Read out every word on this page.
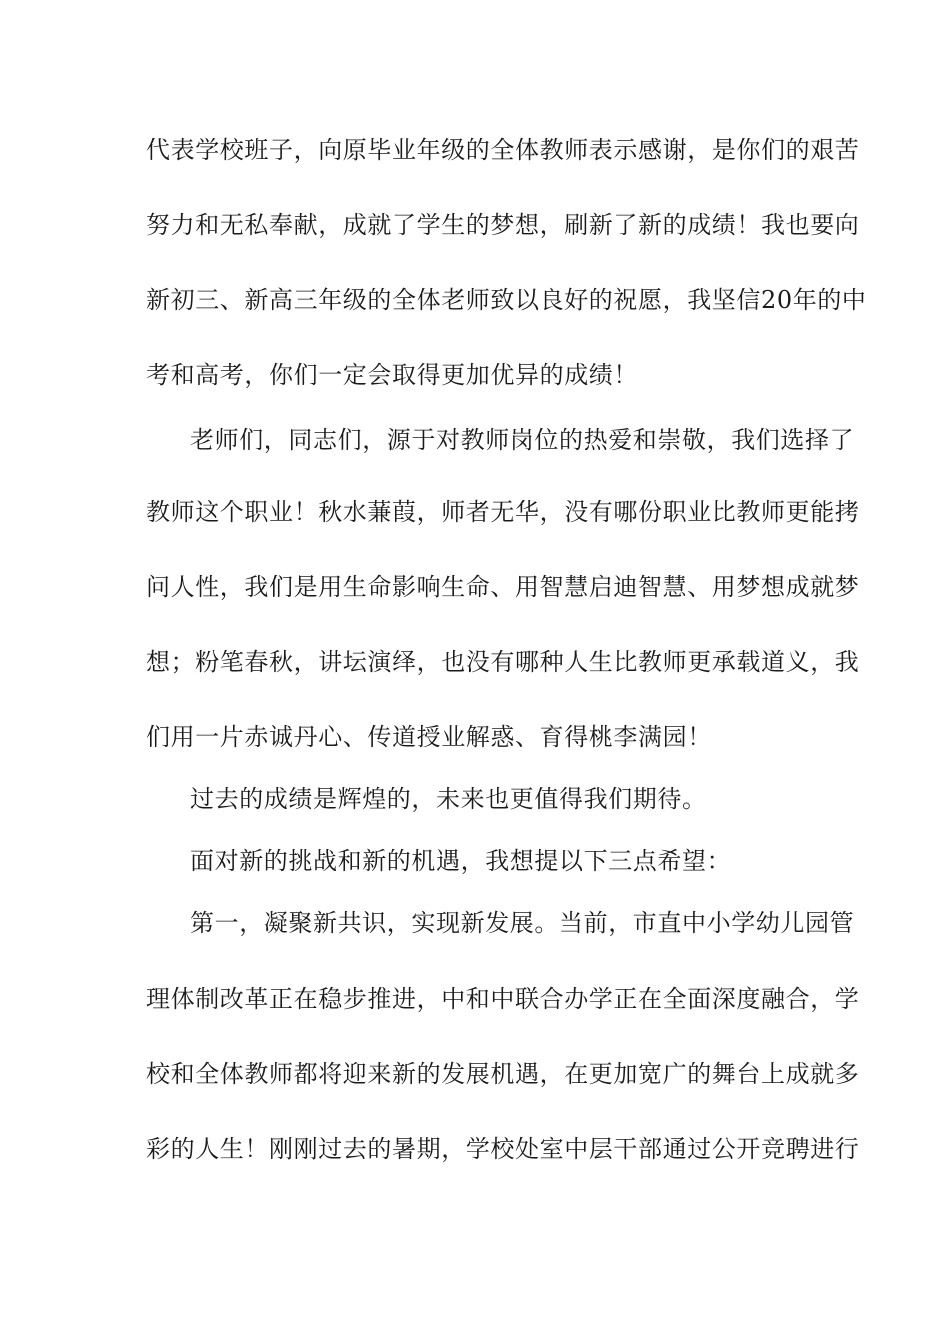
代表学校班子，向原毕业年级的全体教师表示感谢，是你们的艰苦
努力和无私奉献，成就了学生的梦想，刷新了新的成绩！我也要向
新初三、新高三年级的全体老师致以良好的祝愿，我坚信20年的中
考和高考，你们一定会取得更加优异的成绩！
老师们，同志们，源于对教师岗位的热爱和崇敬，我们选择了
教师这个职业！秋水蒹葭，师者无华，没有哪份职业比教师更能拷
问人性，我们是用生命影响生命、用智慧启迪智慧、用梦想成就梦
想；粉笔春秋，讲坛演绎，也没有哪种人生比教师更承载道义，我
们用一片赤诚丹心、传道授业解惑、育得桃李满园！
过去的成绩是辉煌的，未来也更值得我们期待。
面对新的挑战和新的机遇，我想提以下三点希望：
第一，凝聚新共识，实现新发展。当前，市直中小学幼儿园管
理体制改革正在稳步推进，中和中联合办学正在全面深度融合，学
校和全体教师都将迎来新的发展机遇，在更加宽广的舞台上成就多
彩的人生！刚刚过去的暑期，学校处室中层干部通过公开竞聘进行
